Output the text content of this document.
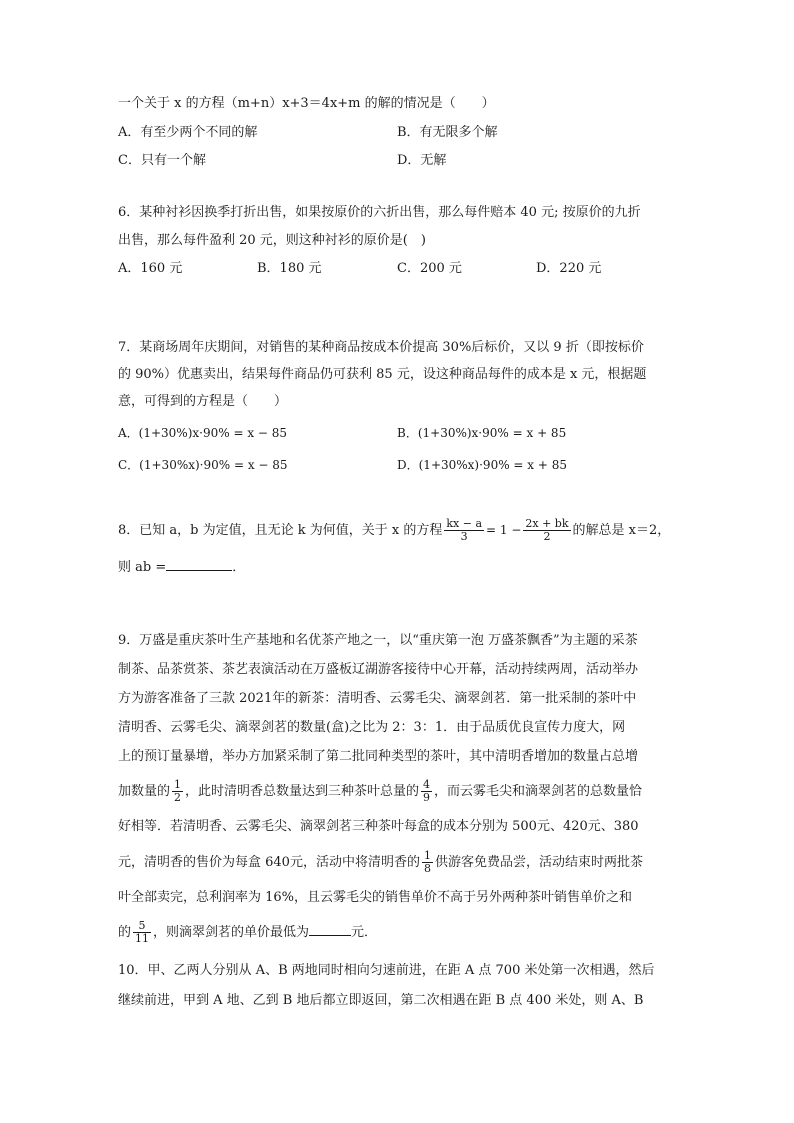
一个关于 x 的方程（m+n）x+3＝4x+m 的解的情况是（　　）
A．有至少两个不同的解	B．有无限多个解
C．只有一个解	D．无解
6．某种衬衫因换季打折出售，如果按原价的六折出售，那么每件赔本 40 元; 按原价的九折
出售，那么每件盈利 20 元，则这种衬衫的原价是(　)
A．160 元	B．180 元	C．200 元	D．220 元
7．某商场周年庆期间，对销售的某种商品按成本价提高 30%后标价，又以 9 折（即按标价
的 90%）优惠卖出，结果每件商品仍可获利 85 元，设这种商品每件的成本是 x 元，根据题
意，可得到的方程是（　　）
A．(1+30%)x·90% = x − 85	B．(1+30%)x·90% = x + 85
C．(1+30%x)·90% = x − 85	D．(1+30%x)·90% = x + 85
8．已知 a，b 为定值，且无论 k 为何值，关于 x 的方程 $\frac{kx - a}{3} = 1 - \frac{2x + bk}{2}$ 的解总是 x＝2，
则 ab =	．
9．万盛是重庆茶叶生产基地和名优茶产地之一，以“重庆第一泡 万盛茶飘香”为主题的采茶
制茶、品茶赏茶、茶艺表演活动在万盛板辽湖游客接待中心开幕，活动持续两周，活动举办
方为游客准备了三款 2021年的新茶：清明香、云雾毛尖、滴翠剑茗．第一批采制的茶叶中
清明香、云雾毛尖、滴翠剑茗的数量(盒)之比为 2：3：1．由于品质优良宣传力度大，网
上的预订量暴增，举办方加紧采制了第二批同种类型的茶叶，其中清明香增加的数量占总增
加数量的 $\frac{1}{2}$ ，此时清明香总数量达到三种茶叶总量的 $\frac{4}{9}$ ，而云雾毛尖和滴翠剑茗的总数量恰
好相等．若清明香、云雾毛尖、滴翠剑茗三种茶叶每盒的成本分别为 500元、420元、380
元，清明香的售价为每盒 640元，活动中将清明香的 $\frac{1}{8}$ 供游客免费品尝，活动结束时两批茶
叶全部卖完，总利润率为 16%，且云雾毛尖的销售单价不高于另外两种茶叶销售单价之和
的 $\frac{5}{11}$ ，则滴翠剑茗的单价最低为	元．
10．甲、乙两人分别从 A、B 两地同时相向匀速前进，在距 A 点 700 米处第一次相遇，然后
继续前进，甲到 A 地、乙到 B 地后都立即返回，第二次相遇在距 B 点 400 米处，则 A、B
